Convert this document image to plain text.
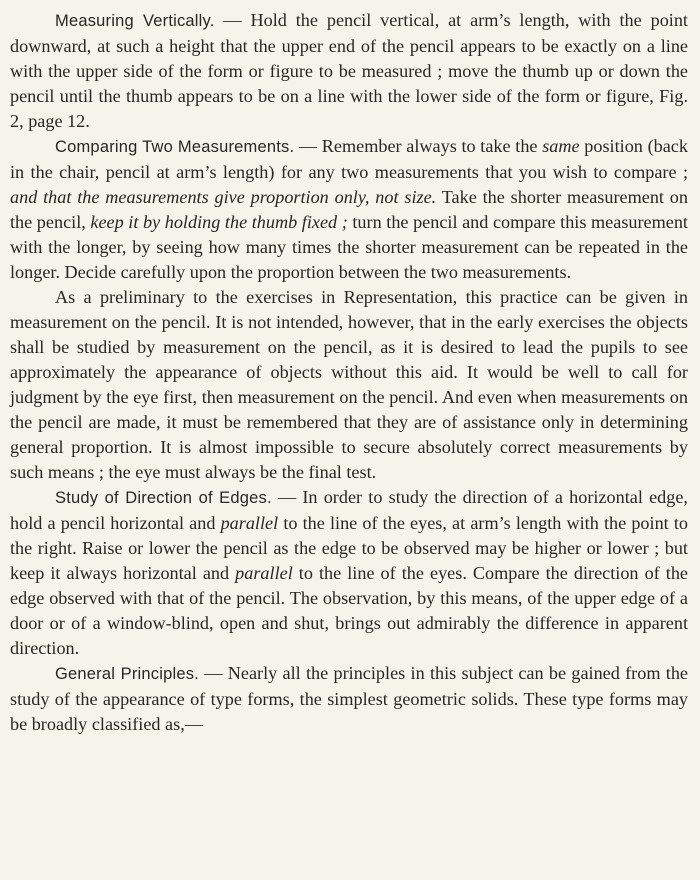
Measuring Vertically. — Hold the pencil vertical, at arm’s length, with the point downward, at such a height that the upper end of the pencil appears to be exactly on a line with the upper side of the form or figure to be measured ; move the thumb up or down the pencil until the thumb appears to be on a line with the lower side of the form or figure, Fig. 2, page 12.

Comparing Two Measurements. — Remember always to take the same position (back in the chair, pencil at arm’s length) for any two measurements that you wish to compare ; and that the measurements give proportion only, not size. Take the shorter measurement on the pencil, keep it by holding the thumb fixed ; turn the pencil and compare this measurement with the longer, by seeing how many times the shorter measurement can be repeated in the longer. Decide carefully upon the proportion between the two measurements.

As a preliminary to the exercises in Representation, this practice can be given in measurement on the pencil. It is not intended, however, that in the early exercises the objects shall be studied by measurement on the pencil, as it is desired to lead the pupils to see approximately the appearance of objects without this aid. It would be well to call for judgment by the eye first, then measurement on the pencil. And even when measurements on the pencil are made, it must be remembered that they are of assistance only in determining general proportion. It is almost impossible to secure absolutely correct measurements by such means ; the eye must always be the final test.

Study of Direction of Edges. — In order to study the direction of a horizontal edge, hold a pencil horizontal and parallel to the line of the eyes, at arm’s length with the point to the right. Raise or lower the pencil as the edge to be observed may be higher or lower ; but keep it always horizontal and parallel to the line of the eyes. Compare the direction of the edge observed with that of the pencil. The observation, by this means, of the upper edge of a door or of a window-blind, open and shut, brings out admirably the difference in apparent direction.

General Principles. — Nearly all the principles in this subject can be gained from the study of the appearance of type forms, the simplest geometric solids. These type forms may be broadly classified as,—
